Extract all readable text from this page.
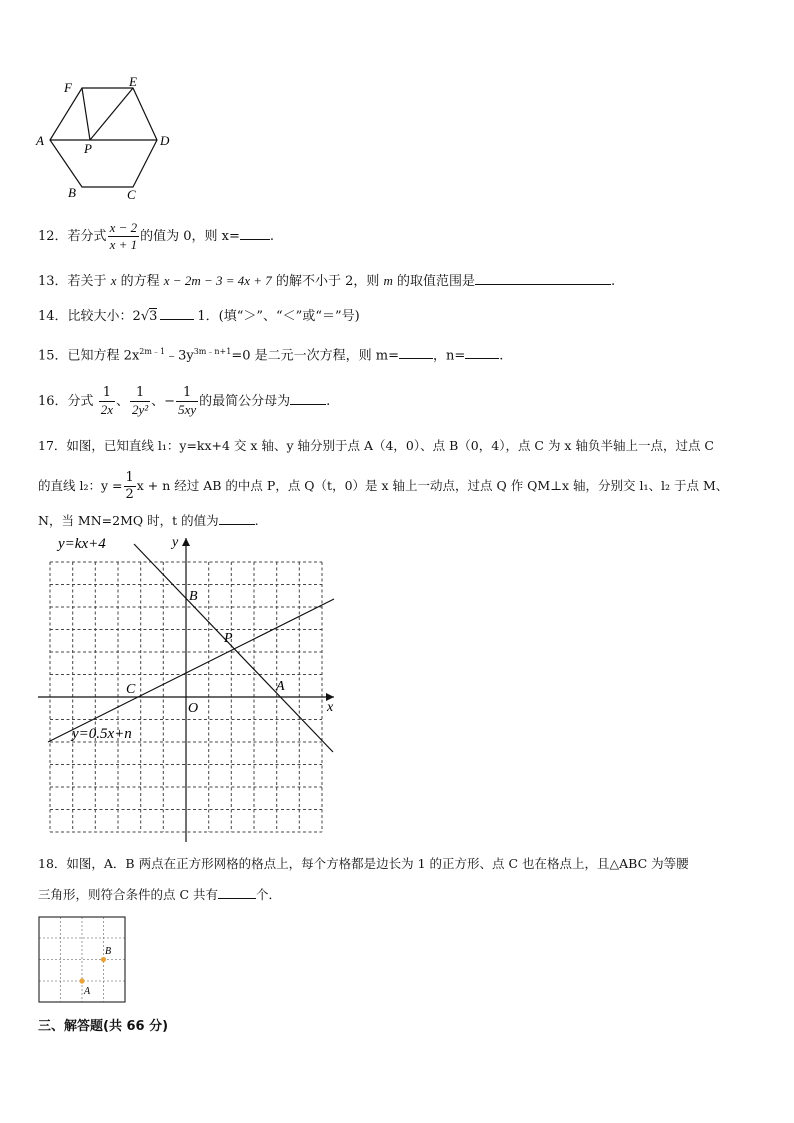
A
B	C
D
E
F
P
12．若分式 $\frac{x - 2}{x + 1}$ 的值为 0，则 x= .
13．若关于 x 的方程 x − 2m − 3 = 4x + 7 的解不小于 2，则 m 的取值范围是	.
14．比较大小：2√3	1．(填“＞”、“＜”或“＝”号)
15．已知方程 $2x^{2m﹣1}﹣3y^{3m﹣n+1}=0$ 是二元一次方程，则 m=	，n=	.
16．分式 $\frac{1}{2x}$ 、 $\frac{1}{\text{2y²}}$ 、− $\frac{1}{5xy}$ 的最简公分母为	.
17．如图，已知直线 l₁：y=kx+4 交 x 轴、y 轴分别于点 A（4，0）、点 B（0，4），点 C 为 x 轴负半轴上一点，过点 C
的直线 l₂：$y = \frac{1}{2}$ x + n 经过 AB 的中点 P，点 Q（t，0）是 x 轴上一动点，过点 Q 作 QM⊥x 轴，分别交 l₁、l₂ 于点 M、
N，当 MN=2MQ 时，t 的值为	.
y=kx+4
y=0.5x+n
B
P
A
C
O	x
y
18．如图，A．B 两点在正方形网格的格点上，每个方格都是边长为 1 的正方形、点 C 也在格点上，且△ABC 为等腰
三角形，则符合条件的点 C 共有	个．
B
A
三、解答题(共 66 分)
